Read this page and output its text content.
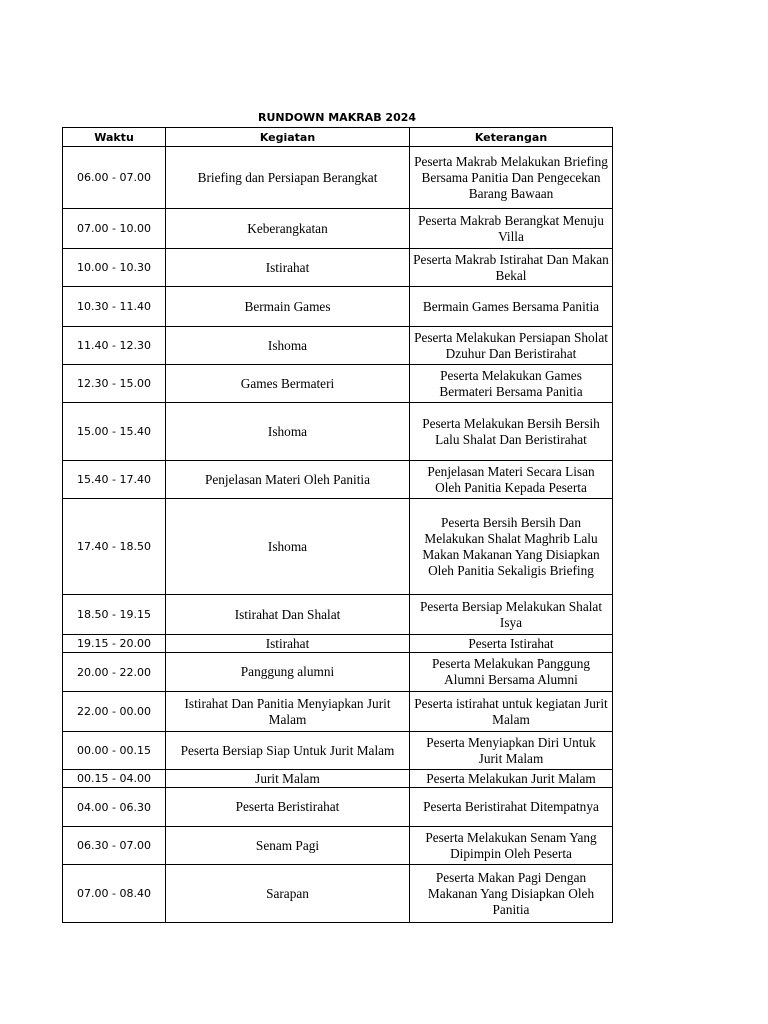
RUNDOWN MAKRAB 2024
Waktu	Kegiatan	Keterangan
06.00 - 07.00	Briefing dan Persiapan Berangkat	Peserta Makrab Melakukan Briefing Bersama Panitia Dan Pengecekan Barang Bawaan
07.00 - 10.00	Keberangkatan	Peserta Makrab Berangkat Menuju Villa
10.00 - 10.30	Istirahat	Peserta Makrab Istirahat Dan Makan Bekal
10.30 - 11.40	Bermain Games	Bermain Games Bersama Panitia
11.40 - 12.30	Ishoma	Peserta Melakukan Persiapan Sholat Dzuhur Dan Beristirahat
12.30 - 15.00	Games Bermateri	Peserta Melakukan Games Bermateri Bersama Panitia
15.00 - 15.40	Ishoma	Peserta Melakukan Bersih Bersih Lalu Shalat Dan Beristirahat
15.40 - 17.40	Penjelasan Materi Oleh Panitia	Penjelasan Materi Secara Lisan Oleh Panitia Kepada Peserta
17.40 - 18.50	Ishoma	Peserta Bersih Bersih Dan Melakukan Shalat Maghrib Lalu Makan Makanan Yang Disiapkan Oleh Panitia Sekaligis Briefing
18.50 - 19.15	Istirahat Dan Shalat	Peserta Bersiap Melakukan Shalat Isya
19.15 - 20.00	Istirahat	Peserta Istirahat
20.00 - 22.00	Panggung alumni	Peserta Melakukan Panggung Alumni Bersama Alumni
22.00 - 00.00	Istirahat Dan Panitia Menyiapkan Jurit Malam	Peserta istirahat untuk kegiatan Jurit Malam
00.00 - 00.15	Peserta Bersiap Siap Untuk Jurit Malam	Peserta Menyiapkan Diri Untuk Jurit Malam
00.15 - 04.00	Jurit Malam	Peserta Melakukan Jurit Malam
04.00 - 06.30	Peserta Beristirahat	Peserta Beristirahat Ditempatnya
06.30 - 07.00	Senam Pagi	Peserta Melakukan Senam Yang Dipimpin Oleh Peserta
07.00 - 08.40	Sarapan	Peserta Makan Pagi Dengan Makanan Yang Disiapkan Oleh Panitia
